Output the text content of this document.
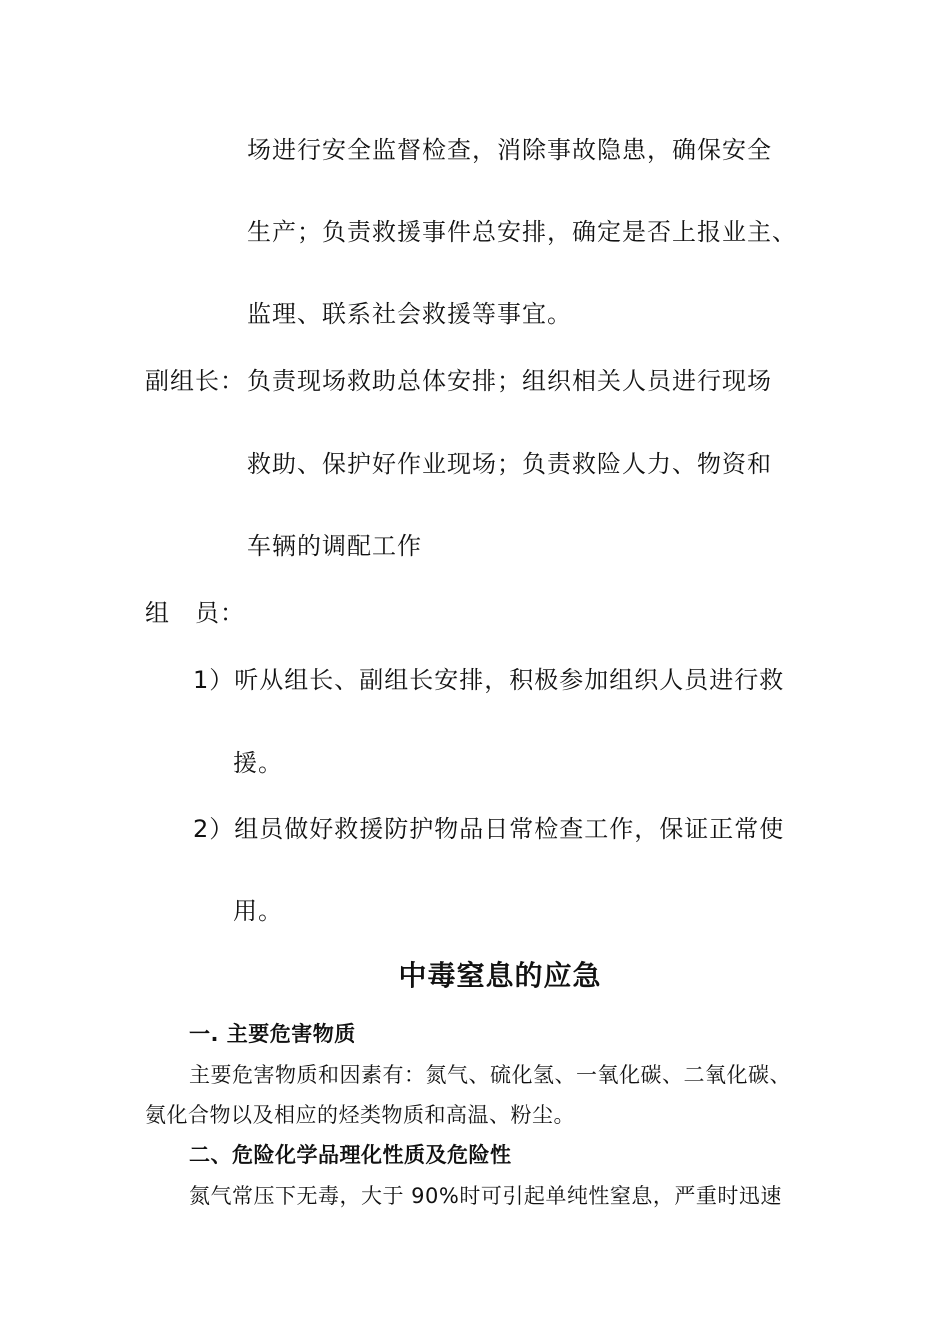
场进行安全监督检查，消除事故隐患，确保安全
生产；负责救援事件总安排，确定是否上报业主、
监理、联系社会救援等事宜。
副组长： 负责现场救助总体安排；组织相关人员进行现场
救助、保护好作业现场；负责救险人力、物资和
车辆的调配工作
组　员：
1）听从组长、副组长安排，积极参加组织人员进行救
援。
2）组员做好救援防护物品日常检查工作，保证正常使
用。
中毒窒息的应急
一. 主要危害物质
主要危害物质和因素有：氮气、硫化氢、一氧化碳、二氧化碳、
氨化合物以及相应的烃类物质和高温、粉尘。
二、危险化学品理化性质及危险性
氮气常压下无毒，大于 90%时可引起单纯性窒息，严重时迅速
